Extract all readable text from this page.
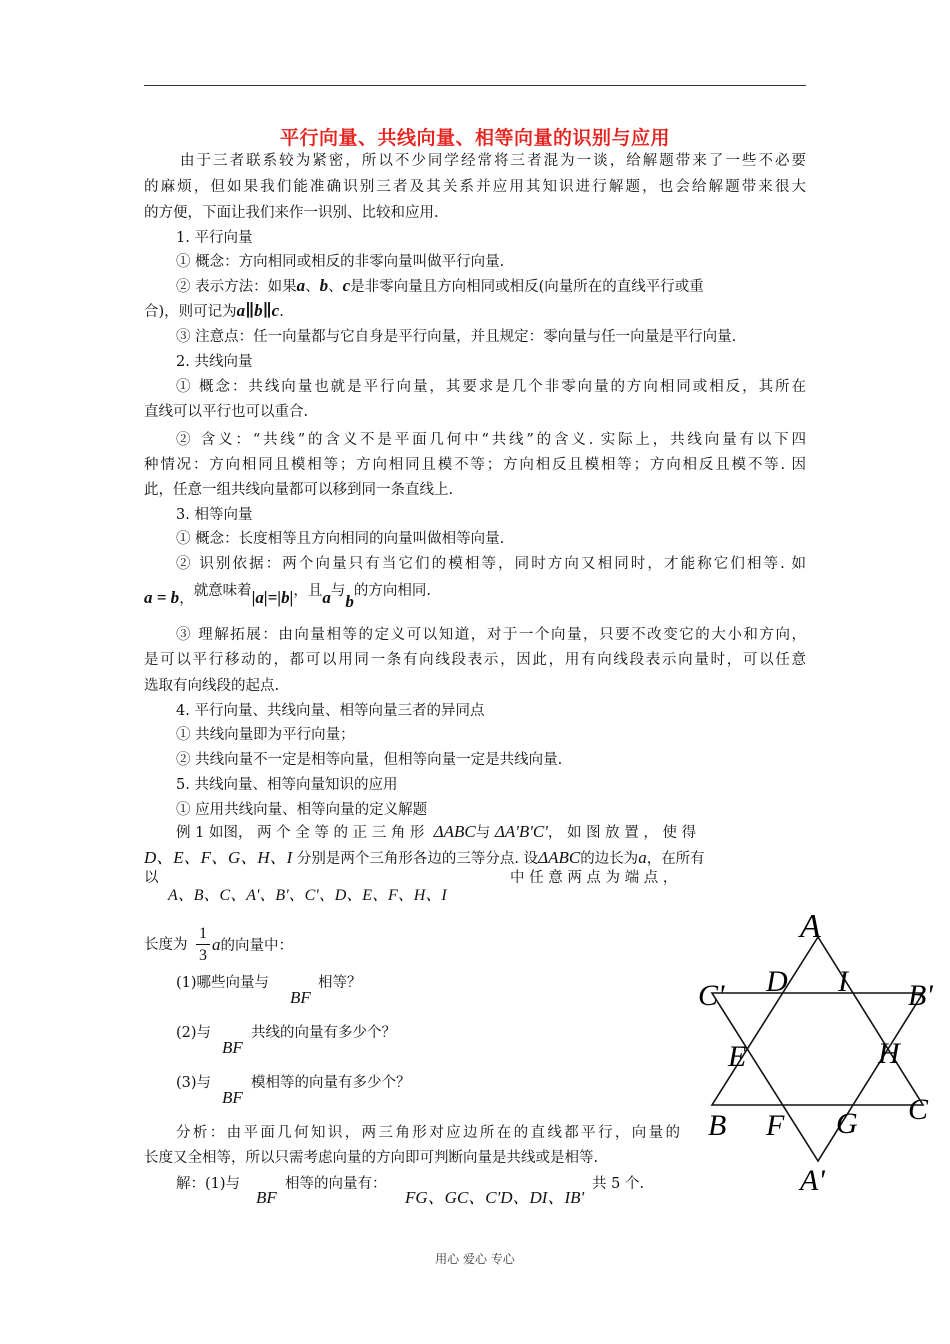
平行向量、共线向量、相等向量的识别与应用
由于三者联系较为紧密，所以不少同学经常将三者混为一谈，给解题带来了一些不必要
的麻烦，但如果我们能准确识别三者及其关系并应用其知识进行解题，也会给解题带来很大
的方便，下面让我们来作一识别、比较和应用.
1. 平行向量
① 概念：方向相同或相反的非零向量叫做平行向量.
② 表示方法：如果a、b、c是非零向量且方向相同或相反(向量所在的直线平行或重
合)，则可记为a∥b∥c.
③ 注意点：任一向量都与它自身是平行向量，并且规定：零向量与任一向量是平行向量.
2. 共线向量
① 概念：共线向量也就是平行向量，其要求是几个非零向量的方向相同或相反，其所在
直线可以平行也可以重合.
② 含义：“共线”的含义不是平面几何中“共线”的含义. 实际上，共线向量有以下四
种情况：方向相同且模相等；方向相同且模不等；方向相反且模相等；方向相反且模不等. 因
此，任意一组共线向量都可以移到同一条直线上.
3. 相等向量
① 概念：长度相等且方向相同的向量叫做相等向量.
② 识别依据：两个向量只有当它们的模相等，同时方向又相同时，才能称它们相等. 如
a = b，就意味着|a|=|b|，且a与b的方向相同.
③ 理解拓展：由向量相等的定义可以知道，对于一个向量，只要不改变它的大小和方向，
是可以平行移动的，都可以用同一条有向线段表示，因此，用有向线段表示向量时，可以任意
选取有向线段的起点.
4. 平行向量、共线向量、相等向量三者的异同点
① 共线向量即为平行向量；
② 共线向量不一定是相等向量，但相等向量一定是共线向量.
5. 共线向量、相等向量知识的应用
① 应用共线向量、相等向量的定义解题
例 1 如图， 两 个 全 等 的 正 三 角 形 ΔABC与 ΔA'B'C'， 如 图 放 置 ， 使 得
D、E、F、G、H、I 分别是两个三角形各边的三等分点. 设ΔABC的边长为a，在所有
以	中 任 意 两 点 为 端 点 ，
A、B、C、A'、B'、C'、D、E、F、H、I
长度为
1
3
a的向量中：
(1)哪些向量与
BF
相等？
(2)与
BF
共线的向量有多少个？
(3)与
BF
模相等的向量有多少个？
分析：由平面几何知识，两三角形对应边所在的直线都平行，向量的
长度又全相等，所以只需考虑向量的方向即可判断向量是共线或是相等.
解：(1)与
BF
相等的向量有：
FG、GC、C'D、DI、IB'
共 5 个.
A
C' D I B'
E	H
B F G C
A'
用心 爱心 专心
